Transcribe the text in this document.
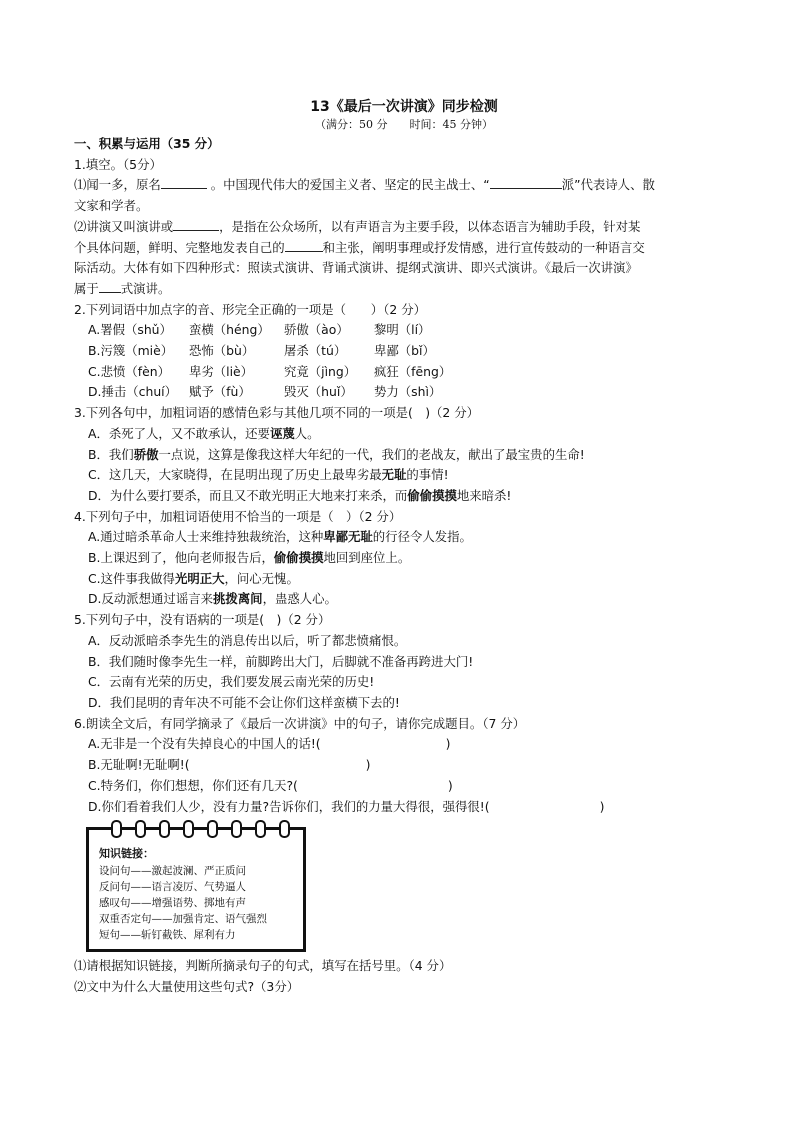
13《最后一次讲演》同步检测
（满分：50 分　　时间：45 分钟）
一、积累与运用（35 分）
1.填空。（5分）
⑴闻一多，原名	。中国现代伟大的爱国主义者、坚定的民主战士、“	派”代表诗人、散
文家和学者。
⑵讲演又叫演讲或	，是指在公众场所，以有声语言为主要手段，以体态语言为辅助手段，针对某
个具体问题，鲜明、完整地发表自己的	和主张，阐明事理或抒发情感，进行宣传鼓动的一种语言交
际活动。大体有如下四种形式：照读式演讲、背诵式演讲、提纲式演讲、即兴式演讲。《最后一次讲演》
属于 式演讲。
2.下列词语中加点字的音、形完全正确的一项是（　　）（2 分）
A.署假（shǔ） 蛮横（héng） 骄傲（ào） 黎明（lí）
B.污篾（miè） 恐怖（bù） 屠杀（tú） 卑鄙（bǐ）
C.悲愤（fèn） 卑劣（liè） 究竟（jìng） 疯狂（fēng）
D.捶击（chuí） 赋予（fù）	毁灭（huǐ） 势力（shì）
3.下列各句中，加粗词语的感情色彩与其他几项不同的一项是(　)（2 分）
A．杀死了人，又不敢承认，还要诬蔑人。
B．我们骄傲一点说，这算是像我这样大年纪的一代，我们的老战友，献出了最宝贵的生命!
C．这几天，大家晓得，在昆明出现了历史上最卑劣最无耻的事情!
D．为什么要打要杀，而且又不敢光明正大地来打来杀，而偷偷摸摸地来暗杀!
4.下列句子中，加粗词语使用不恰当的一项是（　）（2 分）
A.通过暗杀革命人士来维持独裁统治，这种卑鄙无耻的行径令人发指。
B.上课迟到了，他向老师报告后，偷偷摸摸地回到座位上。
C.这件事我做得光明正大，问心无愧。
D.反动派想通过谣言来挑拨离间，蛊惑人心。
5.下列句子中，没有语病的一项是(　)（2 分）
A．反动派暗杀李先生的消息传出以后，听了都悲愤痛恨。
B．我们随时像李先生一样，前脚跨出大门，后脚就不准备再跨进大门!
C．云南有光荣的历史，我们要发展云南光荣的历史!
D．我们昆明的青年决不可能不会让你们这样蛮横下去的!
6.朗读全文后，有同学摘录了《最后一次讲演》中的句子，请你完成题目。（7 分）
A.无非是一个没有失掉良心的中国人的话!(	)
B.无耻啊!无耻啊!(	)
C.特务们，你们想想，你们还有几天?(	)
D.你们看着我们人少，没有力量?告诉你们，我们的力量大得很，强得很!(	)
知识链接：
设问句——激起波澜、严正质问
反问句——语言凌厉、气势逼人
感叹句——增强语势、掷地有声
双重否定句——加强肯定、语气强烈
短句——斩钉截铁、犀利有力
⑴请根据知识链接，判断所摘录句子的句式，填写在括号里。（4 分）
⑵文中为什么大量使用这些句式?（3分）
